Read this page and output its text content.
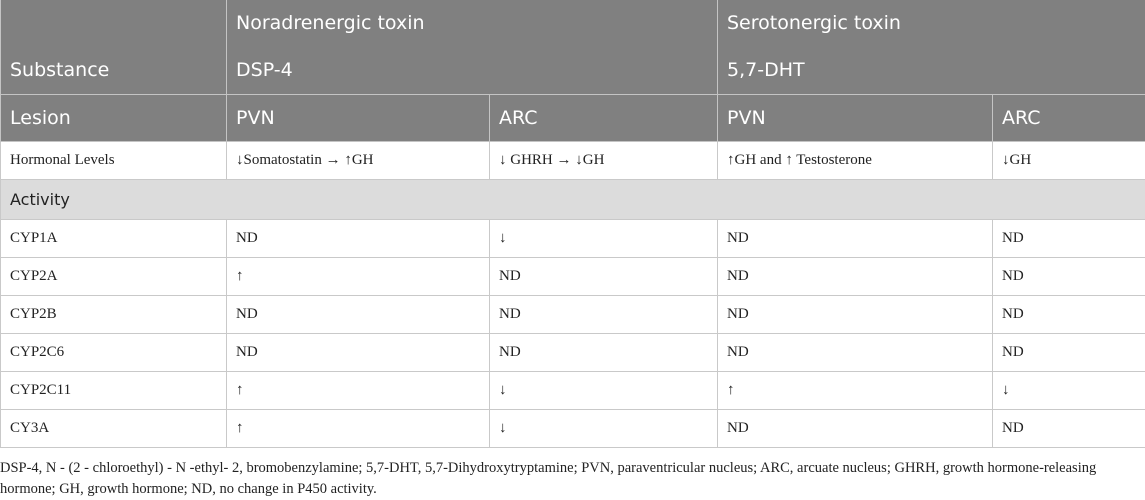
	Noradrenergic toxin		Serotonergic toxin	
Substance	DSP-4		5,7-DHT	
Lesion	PVN	ARC	PVN	ARC
Hormonal Levels	↓Somatostatin → ↑GH	↓ GHRH → ↓GH	↑GH and ↑ Testosterone	↓GH
Activity				
CYP1A	ND	↓	ND	ND
CYP2A	↑	ND	ND	ND
CYP2B	ND	ND	ND	ND
CYP2C6	ND	ND	ND	ND
CYP2C11	↑	↓	↑	↓
CY3A	↑	↓	ND	ND
DSP-4, N - (2 - chloroethyl) - N -ethyl- 2, bromobenzylamine; 5,7-DHT, 5,7-Dihydroxytryptamine; PVN, paraventricular nucleus; ARC, arcuate nucleus; GHRH, growth hormone-releasing hormone; GH, growth hormone; ND, no change in P450 activity.
